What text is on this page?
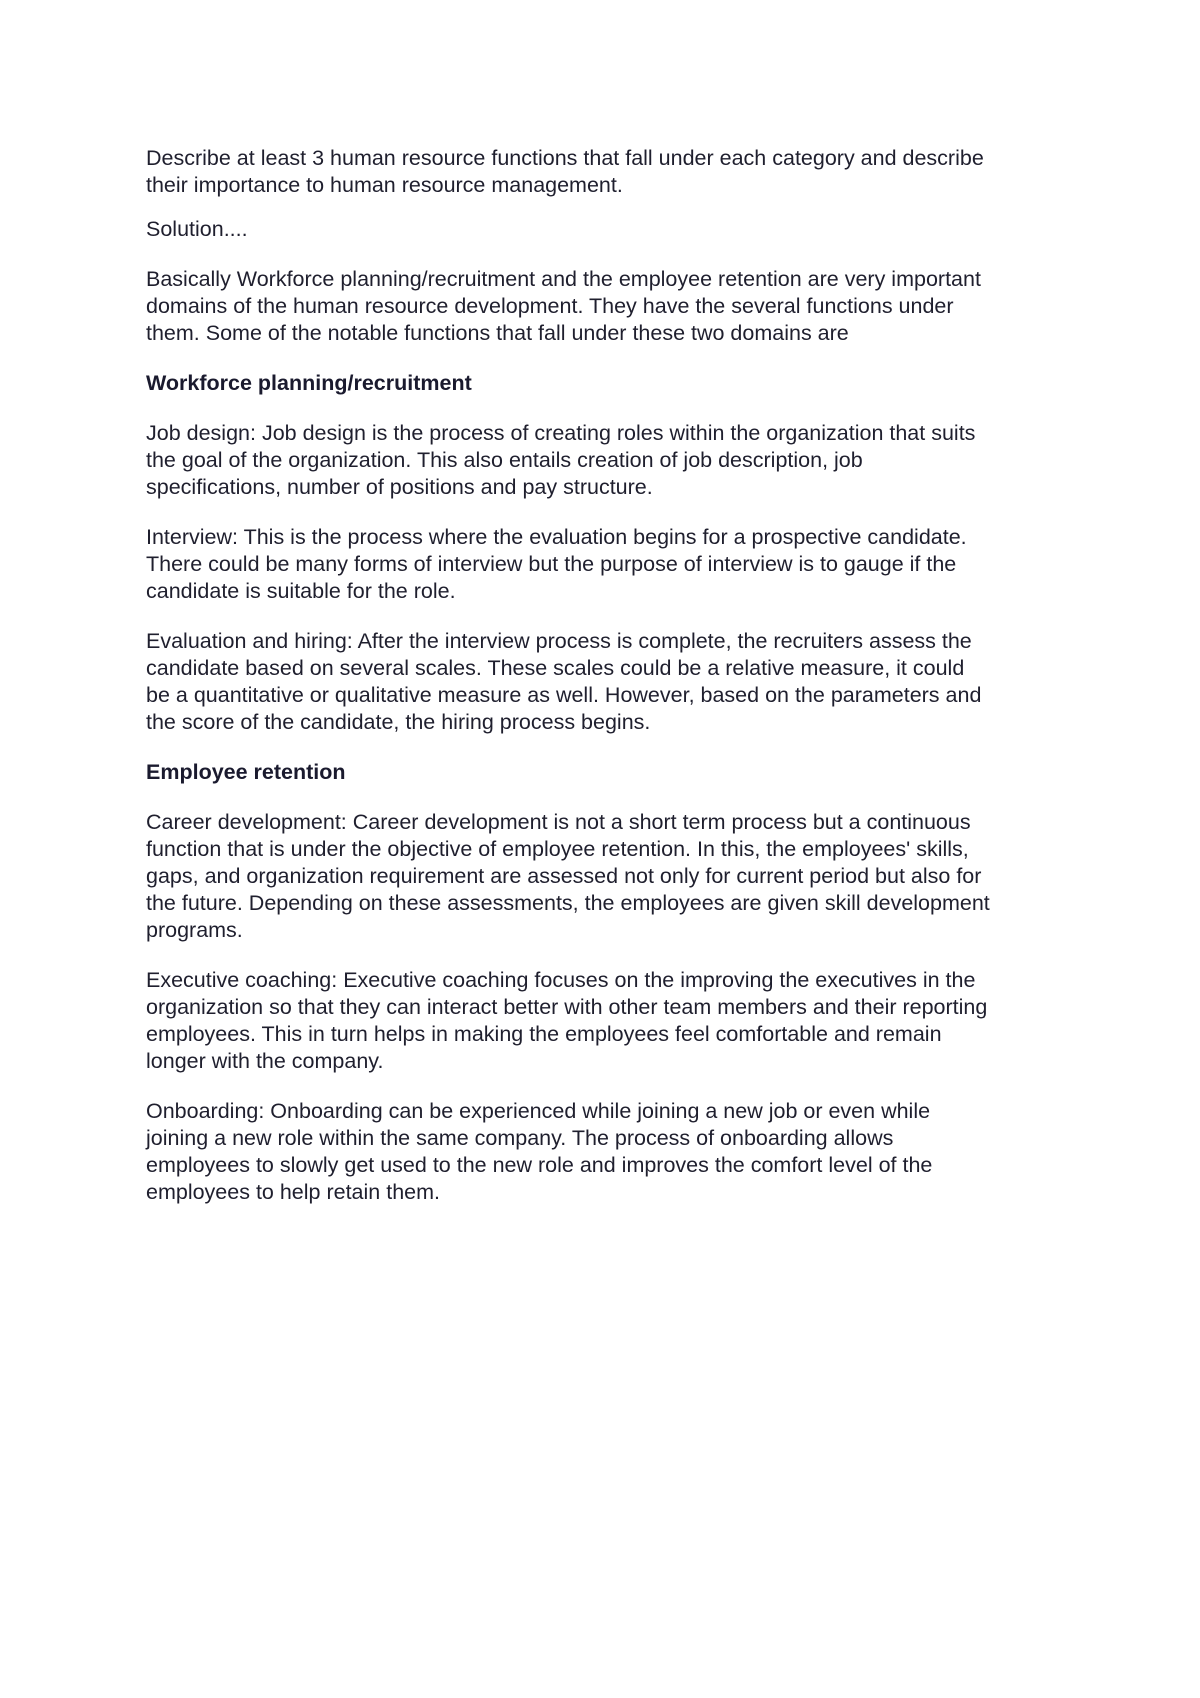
Describe at least 3 human resource functions that fall under each category and describe
their importance to human resource management.

Solution....

Basically Workforce planning/recruitment and the employee retention are very important
domains of the human resource development. They have the several functions under
them. Some of the notable functions that fall under these two domains are

Workforce planning/recruitment

Job design: Job design is the process of creating roles within the organization that suits
the goal of the organization. This also entails creation of job description, job
specifications, number of positions and pay structure.

Interview: This is the process where the evaluation begins for a prospective candidate.
There could be many forms of interview but the purpose of interview is to gauge if the
candidate is suitable for the role.

Evaluation and hiring: After the interview process is complete, the recruiters assess the
candidate based on several scales. These scales could be a relative measure, it could
be a quantitative or qualitative measure as well. However, based on the parameters and
the score of the candidate, the hiring process begins.

Employee retention

Career development: Career development is not a short term process but a continuous
function that is under the objective of employee retention. In this, the employees' skills,
gaps, and organization requirement are assessed not only for current period but also for
the future. Depending on these assessments, the employees are given skill development
programs.

Executive coaching: Executive coaching focuses on the improving the executives in the
organization so that they can interact better with other team members and their reporting
employees. This in turn helps in making the employees feel comfortable and remain
longer with the company.

Onboarding: Onboarding can be experienced while joining a new job or even while
joining a new role within the same company. The process of onboarding allows
employees to slowly get used to the new role and improves the comfort level of the
employees to help retain them.
